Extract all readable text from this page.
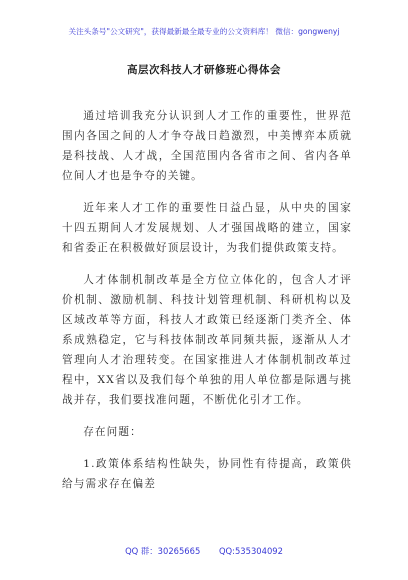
关注头条号"公文研究"，获得最新最全最专业的公文资料库！ 微信：gongwenyj
高层次科技人才研修班心得体会

通过培训我充分认识到人才工作的重要性，世界范围内各国之间的人才争夺战日趋激烈，中美博弈本质就是科技战、人才战，全国范围内各省市之间、省内各单位间人才也是争夺的关键。

近年来人才工作的重要性日益凸显，从中央的国家十四五期间人才发展规划、人才强国战略的建立，国家和省委正在积极做好顶层设计，为我们提供政策支持。

人才体制机制改革是全方位立体化的，包含人才评价机制、激励机制、科技计划管理机制、科研机构以及区域改革等方面，科技人才政策已经逐渐门类齐全、体系成熟稳定，它与科技体制改革同频共振，逐渐从人才管理向人才治理转变。在国家推进人才体制机制改革过程中，XX省以及我们每个单独的用人单位都是际遇与挑战并存，我们要找准问题，不断优化引才工作。

存在问题：

1.政策体系结构性缺失，协同性有待提高，政策供给与需求存在偏差

QQ 群：30265665 QQ:535304092
